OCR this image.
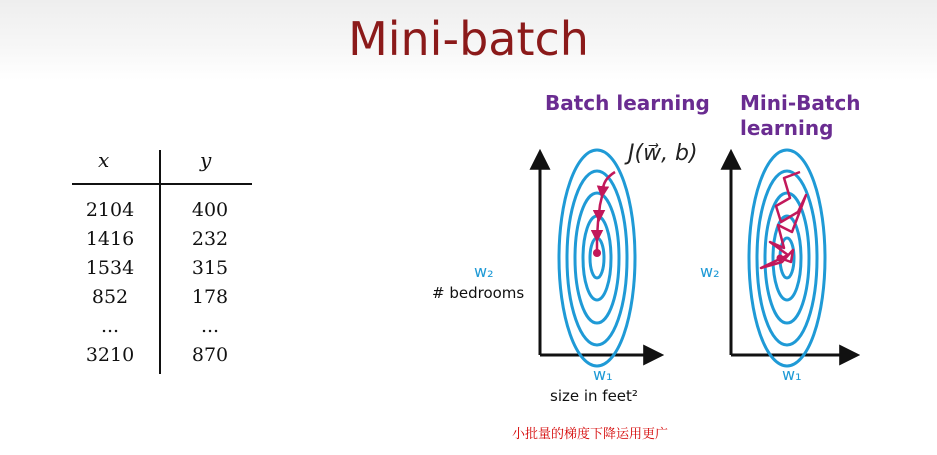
Mini-batch
x	y
2104
1416
1534
852
...
3210
400
232
315
178
...
870
Batch learning Mini-Batch
learning
J(w⃗, b)
w₂
# bedrooms
w₁
size in feet²
w₂
w₁
小批量的梯度下降运用更广
